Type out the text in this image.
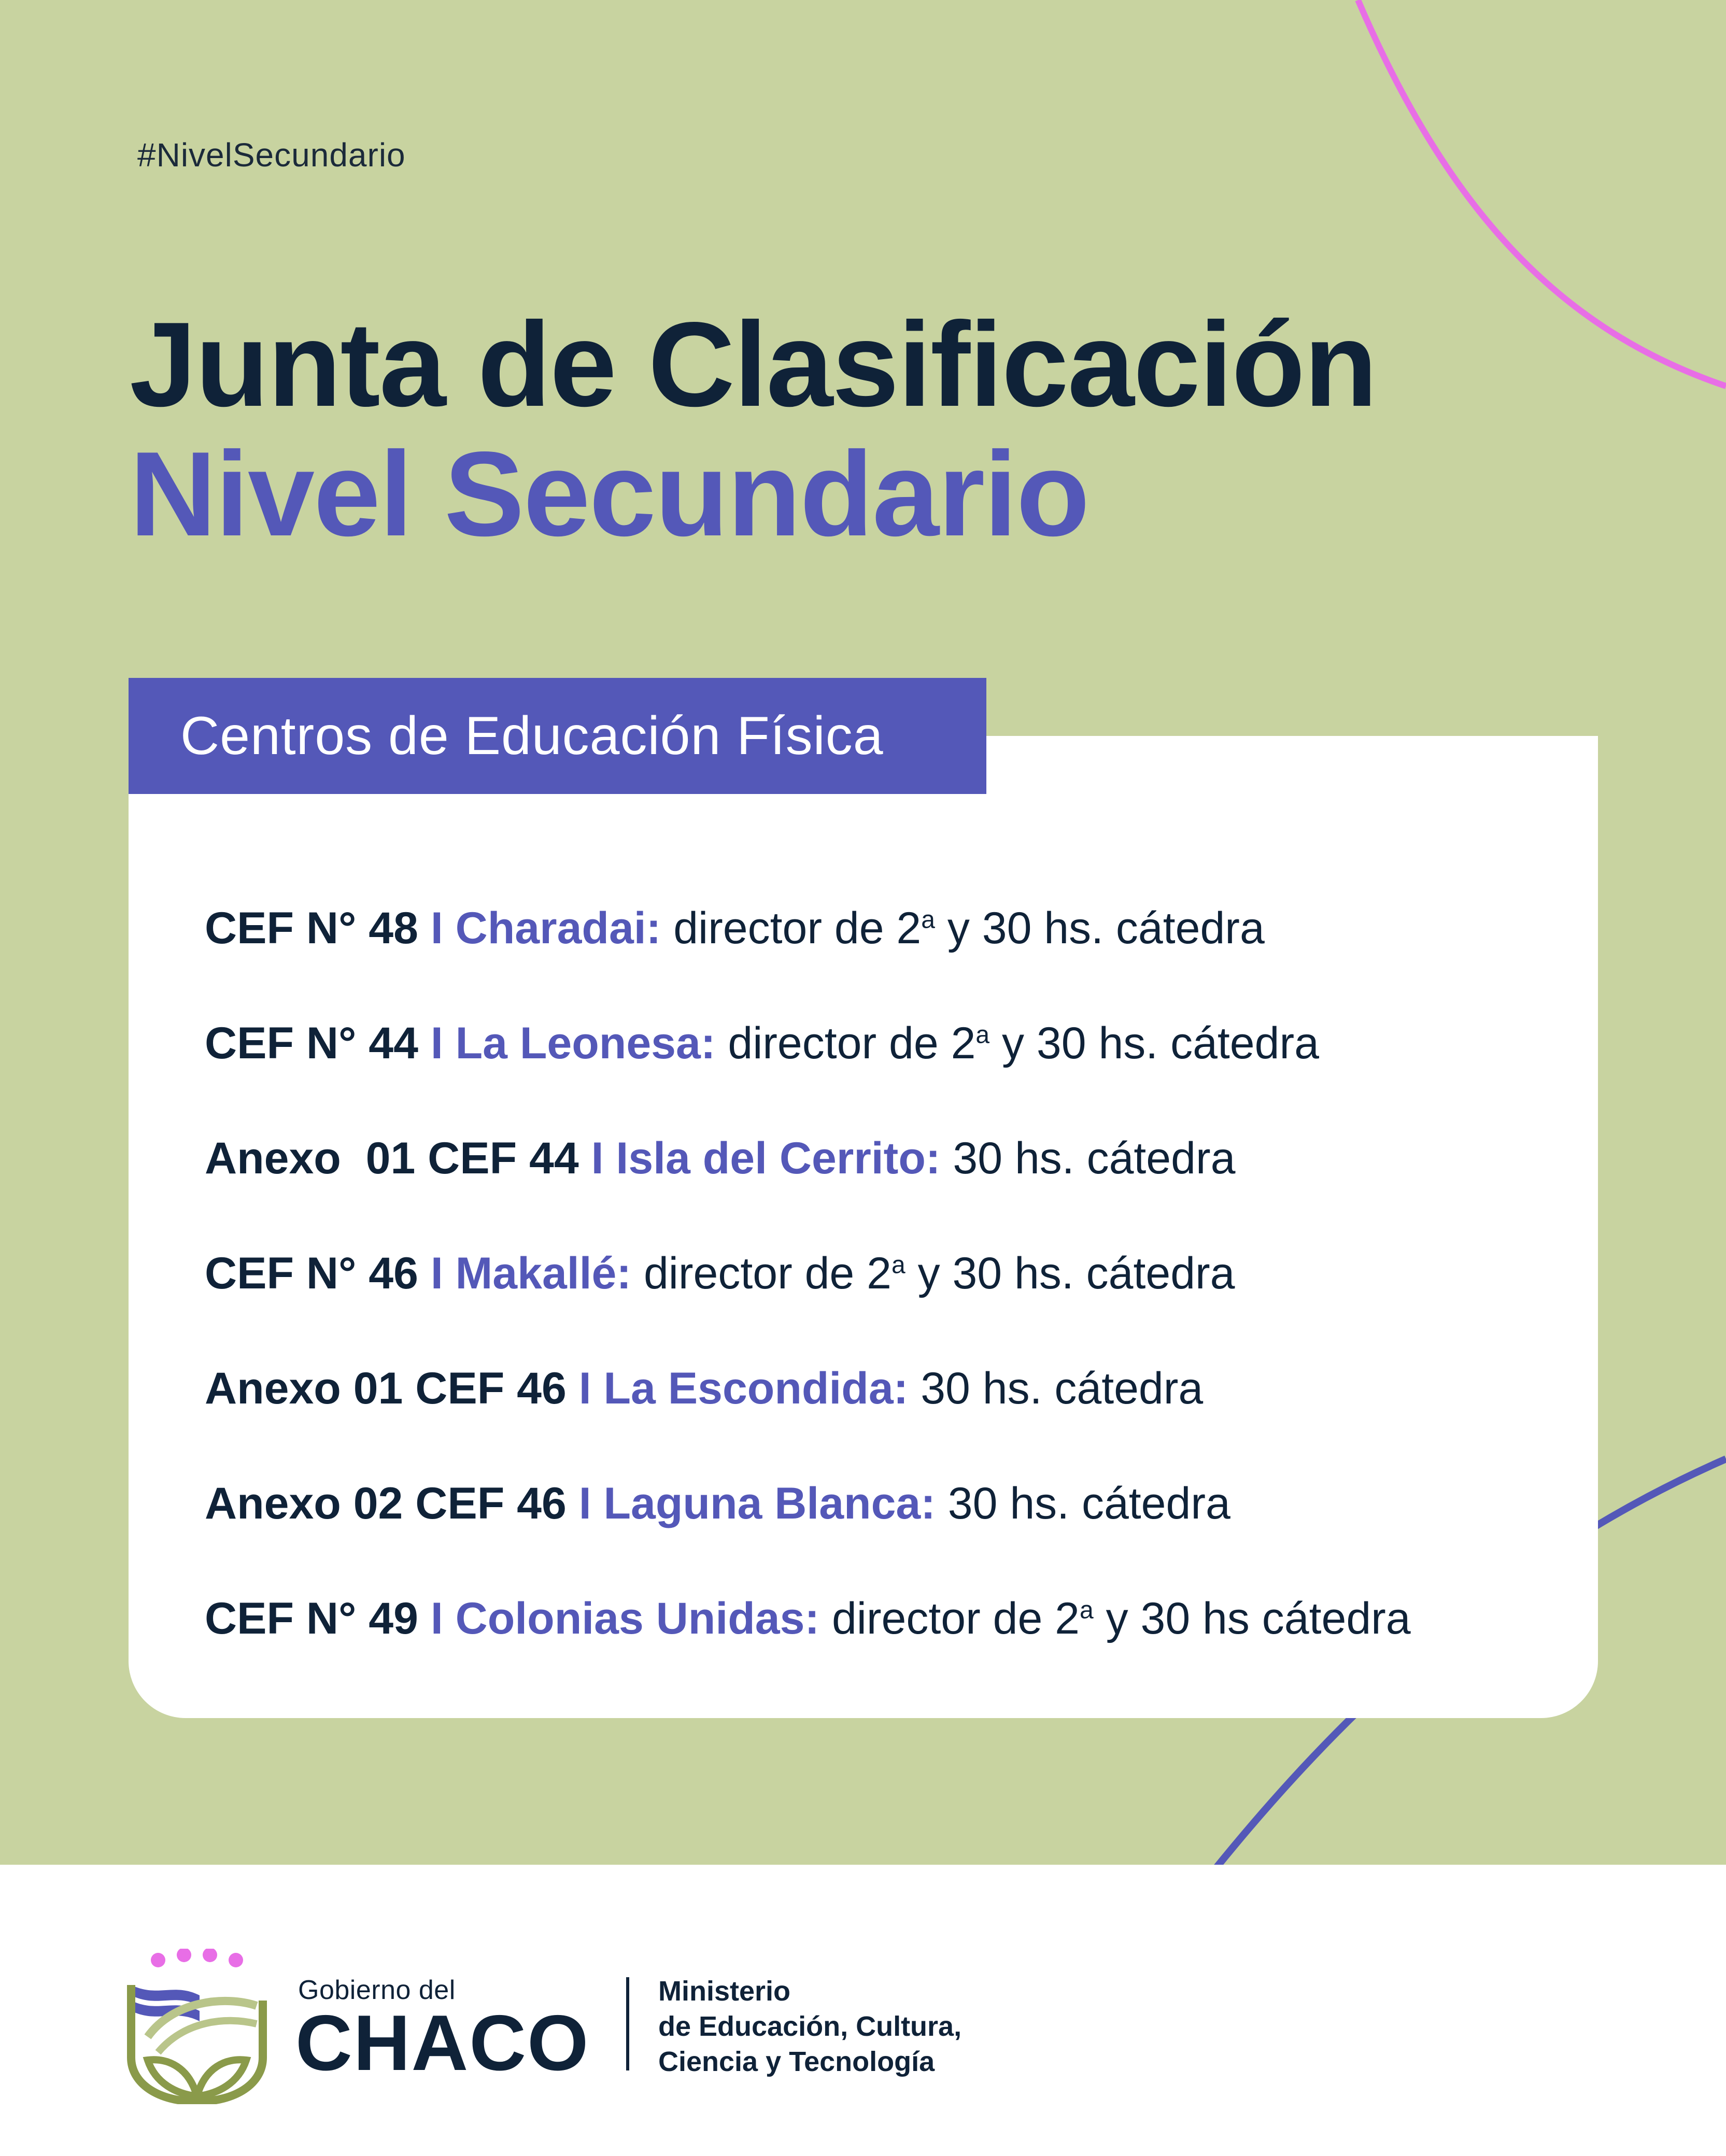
#NivelSecundario
Junta de Clasificación
Nivel Secundario
Centros de Educación Física
CEF N° 48
I Charadai:
director de 2$^a$ y 30 hs. cátedra
CEF N° 44
I La Leonesa:
director de 2$^a$ y 30 hs. cátedra
Anexo  01 CEF 44
I Isla del Cerrito:
30 hs. cátedra
CEF N° 46
I Makallé:
director de 2$^a$ y 30 hs. cátedra
Anexo 01 CEF 46
I La Escondida:
30 hs. cátedra
Anexo 02 CEF 46
I Laguna Blanca:
30 hs. cátedra
CEF N° 49
I Colonias Unidas:
director de 2$^a$ y 30 hs cátedra
Gobierno del
CHACO
Ministerio
de Educación, Cultura,
Ciencia y Tecnología
